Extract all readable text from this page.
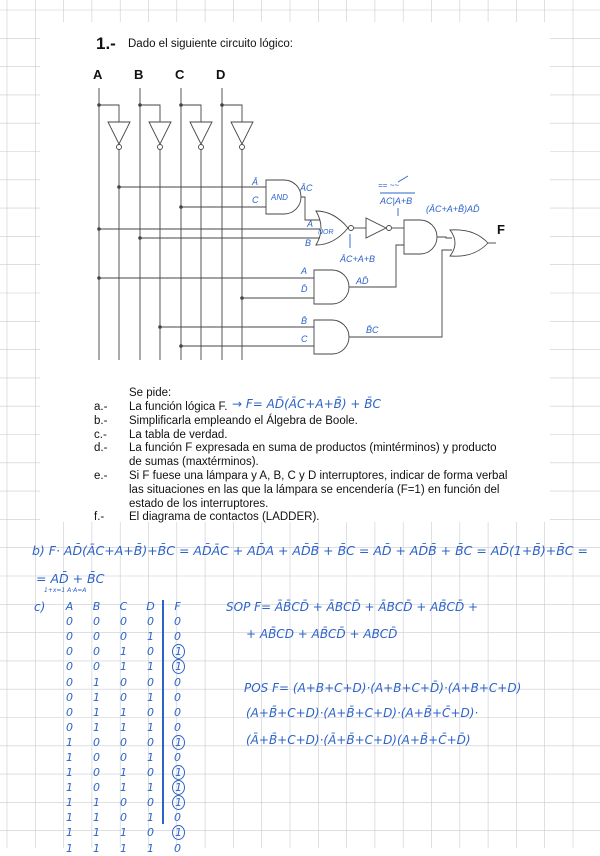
1.- Dado el siguiente circuito lógico:
A B C D
F
Ā
C AND
ĀC
NOR
A
B
ĀC+A+B
== ~~
AC|A+B
(ĀC+A+B̄)AD̄
A
D̄
AD̄
B̄
C
B̄C
Se pide:
a.- La función lógica F.
b.- Simplificarla empleando el Álgebra de Boole.
c.- La tabla de verdad.
d.- La función F expresada en suma de productos (mintérminos) y producto
de sumas (maxtérminos).
e.- Si F fuese una lámpara y A, B, C y D interruptores, indicar de forma verbal
las situaciones en las que la lámpara se encendería (F=1) en función del
estado de los interruptores.
f.- El diagrama de contactos (LADDER).
→ F= AD̄(ĀC+A+B̄) + B̄C
b) F· AD̄(ĀC+A+B̄)+B̄C = AD̄ĀC + AD̄A + AD̄B̄ + B̄C = AD̄ + AD̄B̄ + B̄C = AD̄(1+B̄)+B̄C =
= AD̄ + B̄C
1+x=1 A·A=A
c)	A	B	C	D	F
0	0	0	0	0
0	0	0	1	0
0	0	1	0	1
0	0	1	1	1
0	1	0	0	0
0	1	0	1	0
0	1	1	0	0
0	1	1	1	0
1	0	0	0	1
1	0	0	1	0
1	0	1	0	1
1	0	1	1	1
1	1	0	0	1
1	1	0	1	0
1	1	1	0	1
1	1	1	1	0
SOP F= ĀB̄CD̄ + ĀBCD̄ + ĀBCD̄ + AB̄CD̄ +
+ AB̄CD + AB̄CD̄ + ABCD̄
POS F= (A+B+C+D)·(A+B+C+D̄)·(A+B+C+D)
(A+B̄+C+D)·(A+B̄+C+D)·(A+B̄+C̄+D)·
(Ā+B̄+C+D)·(Ā+B̄+C+D)(A+B̄+C̄+D̄)
